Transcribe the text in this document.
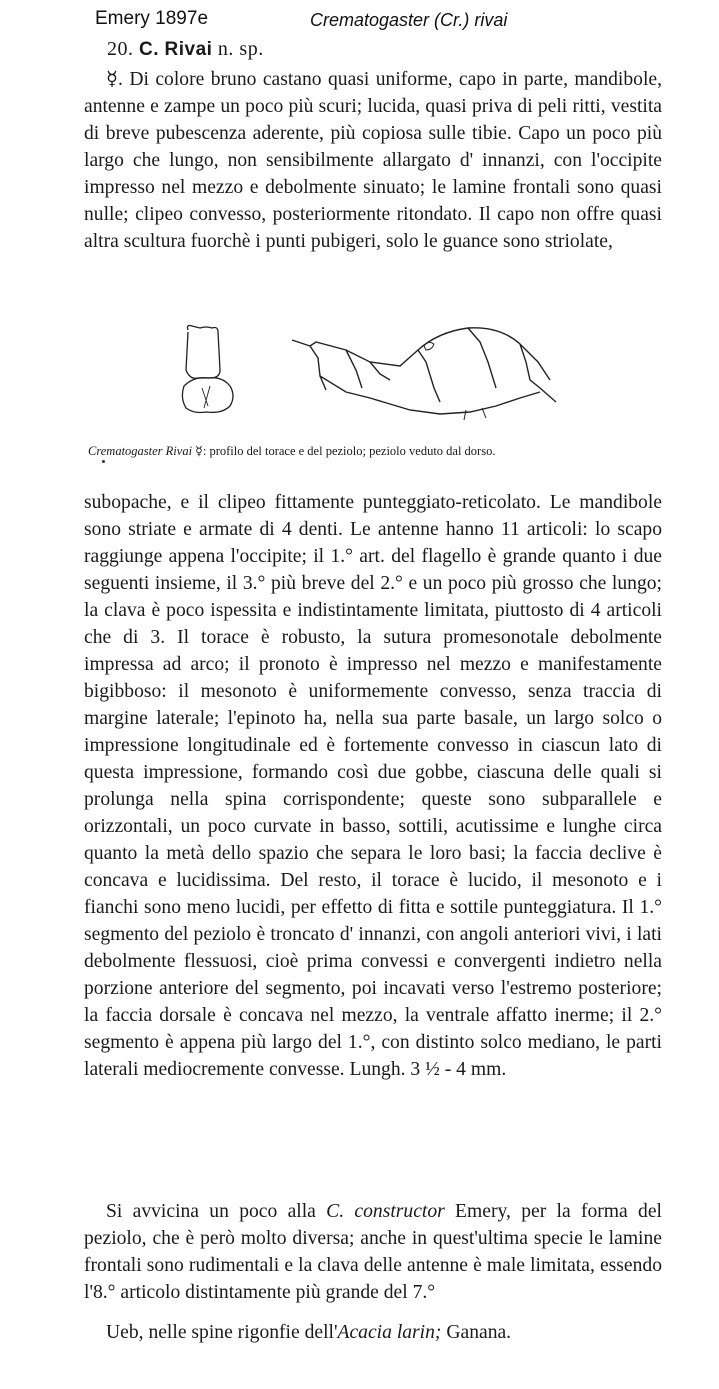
Emery 1897e	Crematogaster (Cr.) rivai
20. C. Rivai n. sp.

☿. Di colore bruno castano quasi uniforme, capo in parte, mandibole, antenne e zampe un poco più scuri; lucida, quasi priva di peli ritti, vestita di breve pubescenza aderente, più copiosa sulle tibie. Capo un poco più largo che lungo, non sensibilmente allargato d' innanzi, con l'occipite impresso nel mezzo e debolmente sinuato; le lamine frontali sono quasi nulle; clipeo convesso, posteriormente ritondato. Il capo non offre quasi altra scultura fuorchè i punti pubigeri, solo le guance sono striolate,

Crematogaster Rivai ☿: profilo del torace e del peziolo; peziolo veduto dal dorso.

subopache, e il clipeo fittamente punteggiato-reticolato. Le mandibole sono striate e armate di 4 denti. Le antenne hanno 11 articoli: lo scapo raggiunge appena l'occipite; il 1.° art. del flagello è grande quanto i due seguenti insieme, il 3.° più breve del 2.° e un poco più grosso che lungo; la clava è poco ispessita e indistintamente limitata, piuttosto di 4 articoli che di 3. Il torace è robusto, la sutura promesonotale debolmente impressa ad arco; il pronoto è impresso nel mezzo e manifestamente bigibboso: il mesonoto è uniformemente convesso, senza traccia di margine laterale; l'epinoto ha, nella sua parte basale, un largo solco o impressione longitudinale ed è fortemente convesso in ciascun lato di questa impressione, formando così due gobbe, ciascuna delle quali si prolunga nella spina corrispondente; queste sono subparallele e orizzontali, un poco curvate in basso, sottili, acutissime e lunghe circa quanto la metà dello spazio che separa le loro basi; la faccia declive è concava e lucidissima. Del resto, il torace è lucido, il mesonoto e i fianchi sono meno lucidi, per effetto di fitta e sottile punteggiatura. Il 1.° segmento del peziolo è troncato d' innanzi, con angoli anteriori vivi, i lati debolmente flessuosi, cioè prima convessi e convergenti indietro nella porzione anteriore del segmento, poi incavati verso l'estremo posteriore; la faccia dorsale è concava nel mezzo, la ventrale affatto inerme; il 2.° segmento è appena più largo del 1.°, con distinto solco mediano, le parti laterali mediocremente convesse. Lungh. 3 ½ - 4 mm.

Si avvicina un poco alla C. constructor Emery, per la forma del peziolo, che è però molto diversa; anche in quest'ultima specie le lamine frontali sono rudimentali e la clava delle antenne è male limitata, essendo l'8.° articolo distintamente più grande del 7.°

Ueb, nelle spine rigonfie dell'Acacia larin; Ganana.
